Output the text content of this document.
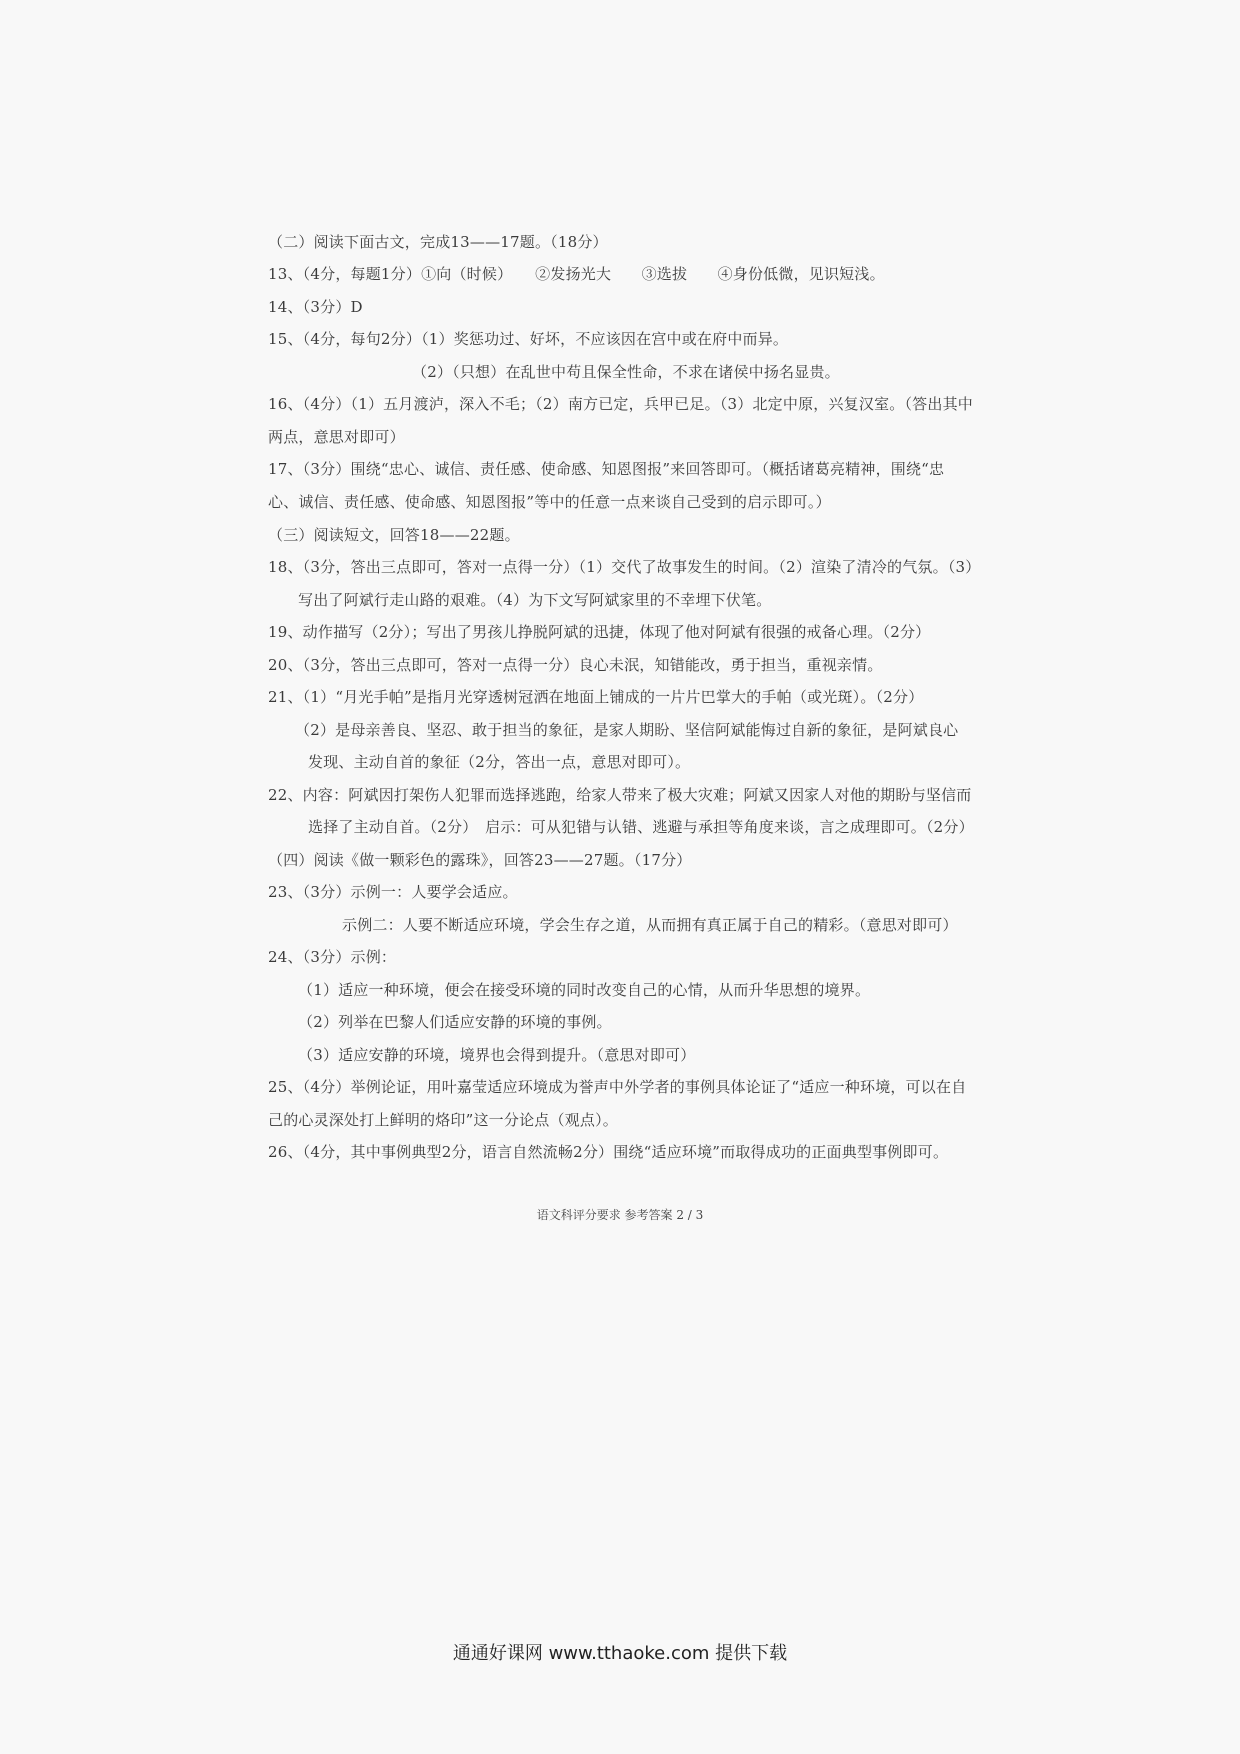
（二）阅读下面古文，完成13——17题。（18分）
13、（4分，每题1分）①向（时候）　　②发扬光大　　③选拔　　④身份低微，见识短浅。
14、（3分）D
15、（4分，每句2分）（1）奖惩功过、好坏，不应该因在宫中或在府中而异。
（2）（只想）在乱世中苟且保全性命，不求在诸侯中扬名显贵。
16、（4分）（1）五月渡泸，深入不毛；（2）南方已定，兵甲已足。（3）北定中原，兴复汉室。（答出其中
两点，意思对即可）
17、（3分）围绕“忠心、诚信、责任感、使命感、知恩图报”来回答即可。（概括诸葛亮精神，围绕“忠
心、诚信、责任感、使命感、知恩图报”等中的任意一点来谈自己受到的启示即可。）
（三）阅读短文，回答18——22题。
18、（3分，答出三点即可，答对一点得一分）（1）交代了故事发生的时间。（2）渲染了清冷的气氛。（3）
写出了阿斌行走山路的艰难。（4）为下文写阿斌家里的不幸埋下伏笔。
19、动作描写（2分）；写出了男孩儿挣脱阿斌的迅捷，体现了他对阿斌有很强的戒备心理。（2分）
20、（3分，答出三点即可，答对一点得一分）良心未泯，知错能改，勇于担当，重视亲情。
21、（1）“月光手帕”是指月光穿透树冠洒在地面上铺成的一片片巴掌大的手帕（或光斑）。（2分）
（2）是母亲善良、坚忍、敢于担当的象征，是家人期盼、坚信阿斌能悔过自新的象征，是阿斌良心
发现、主动自首的象征（2分，答出一点，意思对即可）。
22、内容：阿斌因打架伤人犯罪而选择逃跑，给家人带来了极大灾难；阿斌又因家人对他的期盼与坚信而
选择了主动自首。（2分）　启示：可从犯错与认错、逃避与承担等角度来谈，言之成理即可。（2分）
（四）阅读《做一颗彩色的露珠》，回答23——27题。（17分）
23、（3分）示例一：人要学会适应。
示例二：人要不断适应环境，学会生存之道，从而拥有真正属于自己的精彩。（意思对即可）
24、（3分）示例：
（1）适应一种环境，便会在接受环境的同时改变自己的心情，从而升华思想的境界。
（2）列举在巴黎人们适应安静的环境的事例。
（3）适应安静的环境，境界也会得到提升。（意思对即可）
25、（4分）举例论证，用叶嘉莹适应环境成为誉声中外学者的事例具体论证了“适应一种环境，可以在自
己的心灵深处打上鲜明的烙印”这一分论点（观点）。
26、（4分，其中事例典型2分，语言自然流畅2分）围绕“适应环境”而取得成功的正面典型事例即可。
语文科评分要求 参考答案 2 / 3
通通好课网 www.tthaoke.com 提供下载
